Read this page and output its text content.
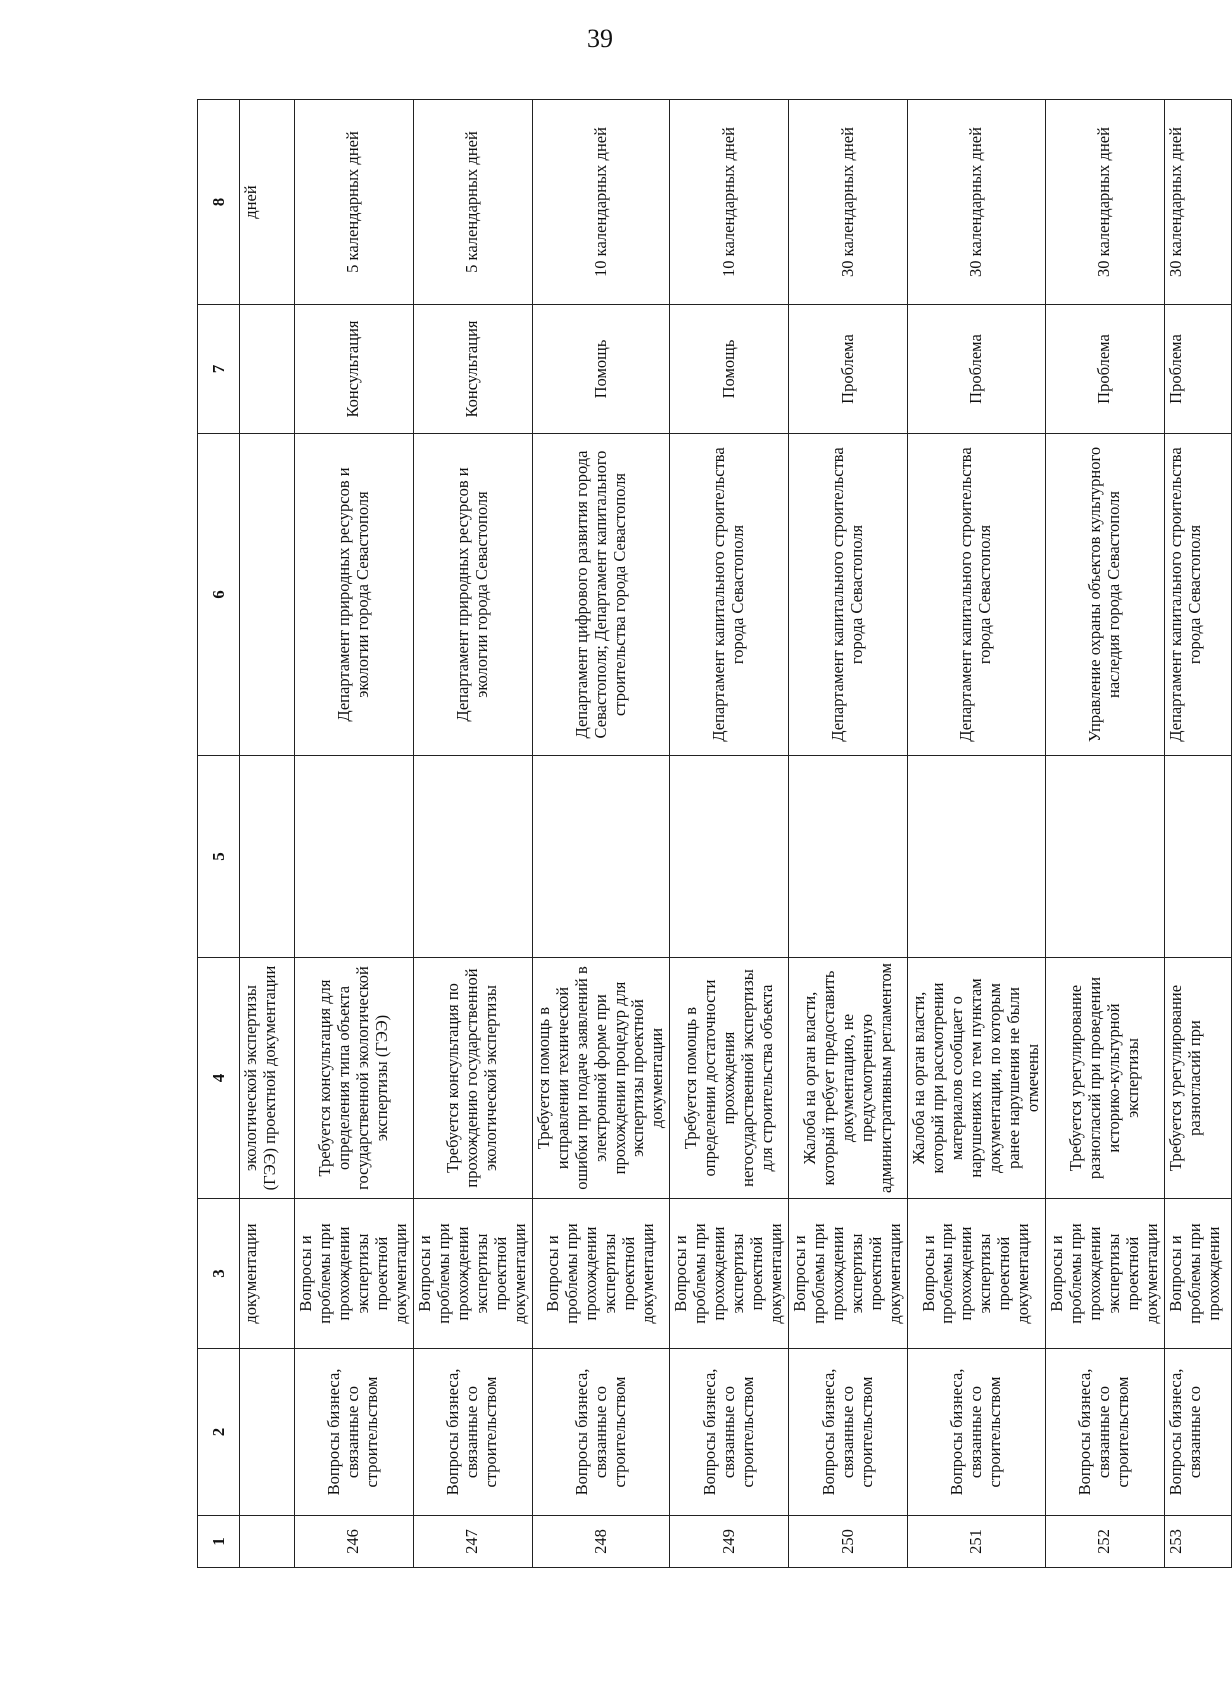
39
1	2	3	4	5	6	7	8
		документации	экологической экспертизы (ГЭЭ) проектной документации				дней
246	Вопросы бизнеса, связанные со строительством	Вопросы и проблемы при прохождении экспертизы проектной документации	Требуется консультация для определения типа объекта государственной экологической экспертизы (ГЭЭ)		Департамент природных ресурсов и экологии города Севастополя	Консультация	5 календарных дней
247	Вопросы бизнеса, связанные со строительством	Вопросы и проблемы при прохождении экспертизы проектной документации	Требуется консультация по прохождению государственной экологической экспертизы		Департамент природных ресурсов и экологии города Севастополя	Консультация	5 календарных дней
248	Вопросы бизнеса, связанные со строительством	Вопросы и проблемы при прохождении экспертизы проектной документации	Требуется помощь в исправлении технической ошибки при подаче заявлений в электронной форме при прохождении процедур для экспертизы проектной документации		Департамент цифрового развития города Севастополя; Департамент капитального строительства города Севастополя	Помощь	10 календарных дней
249	Вопросы бизнеса, связанные со строительством	Вопросы и проблемы при прохождении экспертизы проектной документации	Требуется помощь в определении достаточности прохождения негосударственной экспертизы для строительства объекта		Департамент капитального строительства города Севастополя	Помощь	10 календарных дней
250	Вопросы бизнеса, связанные со строительством	Вопросы и проблемы при прохождении экспертизы проектной документации	Жалоба на орган власти, который требует предоставить документацию, не предусмотренную административным регламентом		Департамент капитального строительства города Севастополя	Проблема	30 календарных дней
251	Вопросы бизнеса, связанные со строительством	Вопросы и проблемы при прохождении экспертизы проектной документации	Жалоба на орган власти, который при рассмотрении материалов сообщает о нарушениях по тем пунктам документации, по которым ранее нарушения не были отмечены		Департамент капитального строительства города Севастополя	Проблема	30 календарных дней
252	Вопросы бизнеса, связанные со строительством	Вопросы и проблемы при прохождении экспертизы проектной документации	Требуется урегулирование разногласий при проведении историко-культурной экспертизы		Управление охраны объектов культурного наследия города Севастополя	Проблема	30 календарных дней
253	Вопросы бизнеса, связанные со	Вопросы и проблемы при прохождении	Требуется урегулирование разногласий при		Департамент капитального строительства города Севастополя	Проблема	30 календарных дней
